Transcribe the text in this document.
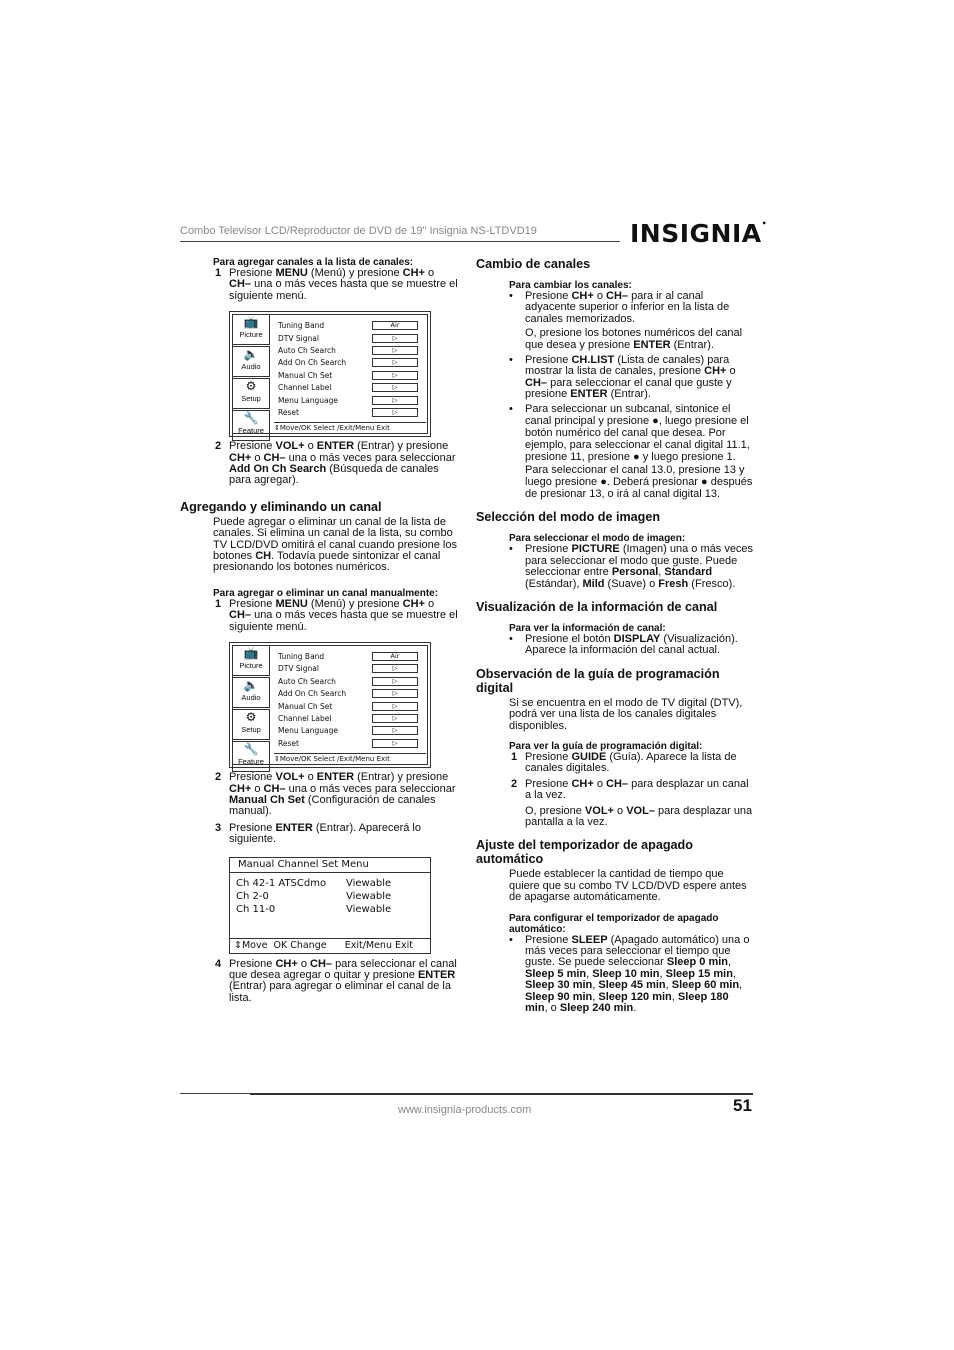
Combo Televisor LCD/Reproductor de DVD de 19" Insignia NS-LTDVD19	INSIGNIA•

Para agregar canales a la lista de canales:

1 Presione MENU (Menú) y presione CH+ o CH– una o más veces hasta que se muestre el siguiente menú.
📺
Picture
🔈
Audio
⚙
Setup
🔧
Feature
Tuning Band	Air
DTV Signal	▷
Auto Ch Search	▷
Add On Ch Search	▷
Manual Ch Set	▷
Channel Label	▷
Menu Language	▷
Reset	▷
⇕Move/OK Select /Exit/Menu Exit
2 Presione VOL+ o ENTER (Entrar) y presione CH+ o CH– una o más veces para seleccionar Add On Ch Search (Búsqueda de canales para agregar).
Agregando y eliminando un canal

Puede agregar o eliminar un canal de la lista de canales. Si elimina un canal de la lista, su combo TV LCD/DVD omitirá el canal cuando presione los botones CH. Todavía puede sintonizar el canal presionando los botones numéricos.

Para agregar o eliminar un canal manualmente:

1 Presione MENU (Menú) y presione CH+ o CH– una o más veces hasta que se muestre el siguiente menú.
📺
Picture
🔈
Audio
⚙
Setup
🔧
Feature
Tuning Band	Air
DTV Signal	▷
Auto Ch Search	▷
Add On Ch Search	▷
Manual Ch Set	▷
Channel Label	▷
Menu Language	▷
Reset	▷
⇕Move/OK Select /Exit/Menu Exit
2 Presione VOL+ o ENTER (Entrar) y presione CH+ o CH– una o más veces para seleccionar Manual Ch Set (Configuración de canales manual).
3 Presione ENTER (Entrar). Aparecerá lo siguiente.
Manual Channel Set Menu
Ch 42-1 ATSCdmo Viewable
Ch 2-0	Viewable
Ch 11-0	Viewable
⇕Move  OK Change      Exit/Menu Exit
4 Presione CH+ o CH– para seleccionar el canal que desea agregar o quitar y presione ENTER (Entrar) para agregar o eliminar el canal de la lista.
Cambio de canales

Para cambiar los canales:

• Presione CH+ o CH– para ir al canal adyacente superior o inferior en la lista de canales memorizados.

O, presione los botones numéricos del canal que desea y presione ENTER (Entrar).

• Presione CH.LIST (Lista de canales) para mostrar la lista de canales, presione CH+ o CH– para seleccionar el canal que guste y presione ENTER (Entrar).
• Para seleccionar un subcanal, sintonice el canal principal y presione ●, luego presione el botón numérico del canal que desea. Por ejemplo, para seleccionar el canal digital 11.1, presione 11, presione ● y luego presione 1. Para seleccionar el canal 13.0, presione 13 y luego presione ●. Deberá presionar ● después de presionar 13, o irá al canal digital 13.
Selección del modo de imagen

Para seleccionar el modo de imagen:

• Presione PICTURE (Imagen) una o más veces para seleccionar el modo que guste. Puede seleccionar entre Personal, Standard (Estándar), Mild (Suave) o Fresh (Fresco).
Visualización de la información de canal

Para ver la información de canal:

• Presione el botón DISPLAY (Visualización). Aparece la información del canal actual.
Observación de la guía de programación digital

Si se encuentra en el modo de TV digital (DTV), podrá ver una lista de los canales digitales disponibles.

Para ver la guía de programación digital:

1 Presione GUIDE (Guía). Aparece la lista de canales digitales.
2 Presione CH+ o CH– para desplazar un canal a la vez.

O, presione VOL+ o VOL– para desplazar una pantalla a la vez.

Ajuste del temporizador de apagado automático

Puede establecer la cantidad de tiempo que quiere que su combo TV LCD/DVD espere antes de apagarse automáticamente.

Para configurar el temporizador de apagado automático:

• Presione SLEEP (Apagado automático) una o más veces para seleccionar el tiempo que guste. Se puede seleccionar Sleep 0 min, Sleep 5 min, Sleep 10 min, Sleep 15 min, Sleep 30 min, Sleep 45 min, Sleep 60 min, Sleep 90 min, Sleep 120 min, Sleep 180 min, o Sleep 240 min.
www.insignia-products.com	51
